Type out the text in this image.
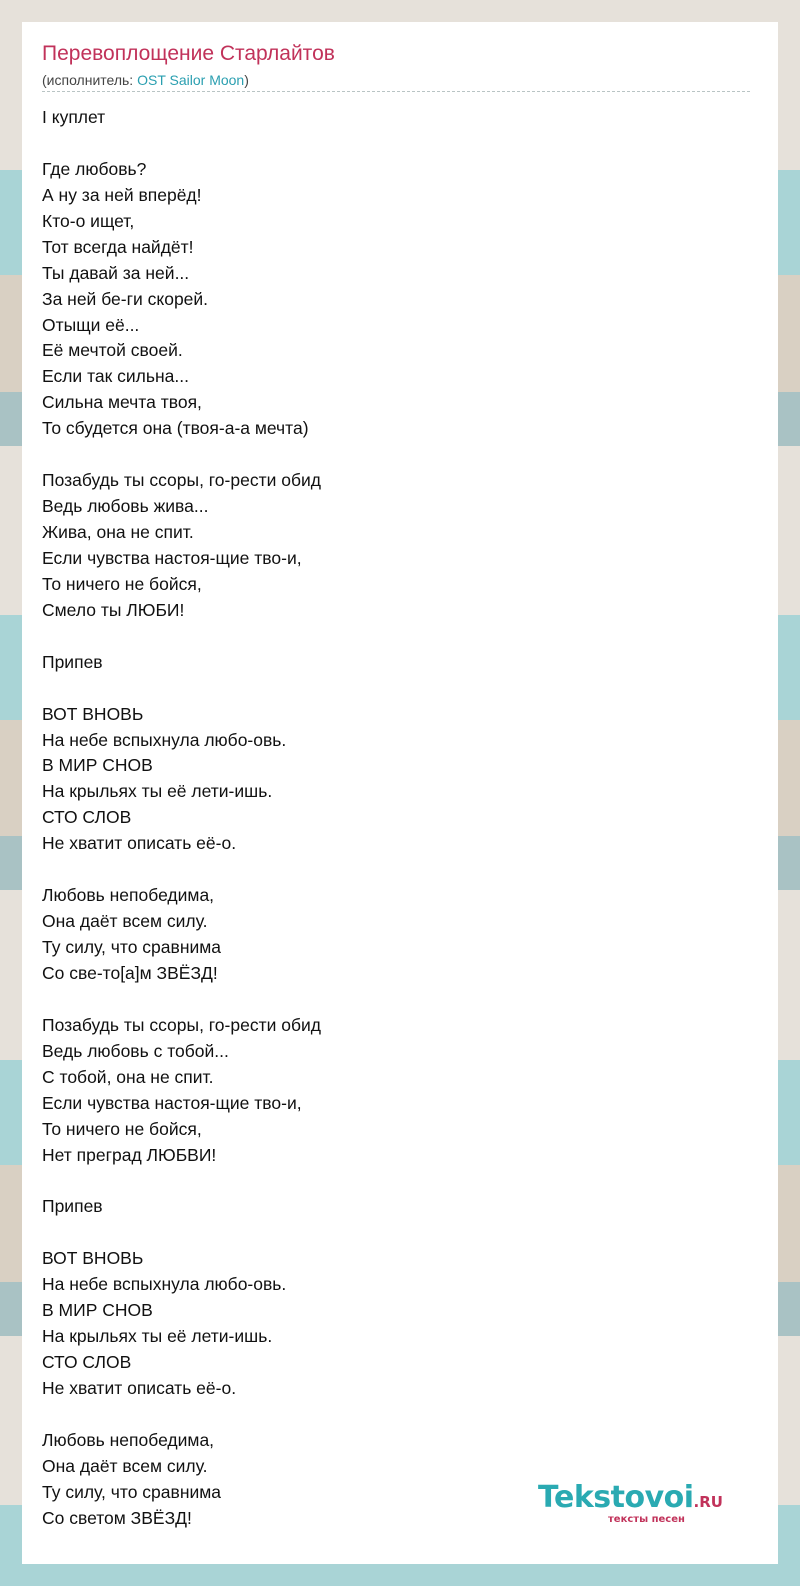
Перевоплощение Старлайтов
(исполнитель: OST Sailor Moon)
I куплет
Где любовь?
А ну за ней вперёд!
Кто-о ищет,
Тот всегда найдёт!
Ты давай за ней...
За ней бе-ги скорей.
Отыщи её...
Её мечтой своей.
Если так сильна...
Сильна мечта твоя,
То сбудется она (твоя-а-а мечта)
Позабудь ты ссоры, го-рести обид
Ведь любовь жива...
Жива, она не спит.
Если чувства настоя-щие тво-и,
То ничего не бойся,
Смело ты ЛЮБИ!
Припев
ВОТ ВНОВЬ
На небе вспыхнула любо-овь.
В МИР СНОВ
На крыльях ты её лети-ишь.
СТО СЛОВ
Не хватит описать её-о.
Любовь непобедима,
Она даёт всем силу.
Ту силу, что сравнима
Со све-то[а]м ЗВЁЗД!
Позабудь ты ссоры, го-рести обид
Ведь любовь с тобой...
С тобой, она не спит.
Если чувства настоя-щие тво-и,
То ничего не бойся,
Нет преград ЛЮБВИ!
Припев
ВОТ ВНОВЬ
На небе вспыхнула любо-овь.
В МИР СНОВ
На крыльях ты её лети-ишь.
СТО СЛОВ
Не хватит описать её-о.
Любовь непобедима,
Она даёт всем силу.
Ту силу, что сравнима
Со светом ЗВЁЗД!
Tekstovoi.RU
тексты песен
